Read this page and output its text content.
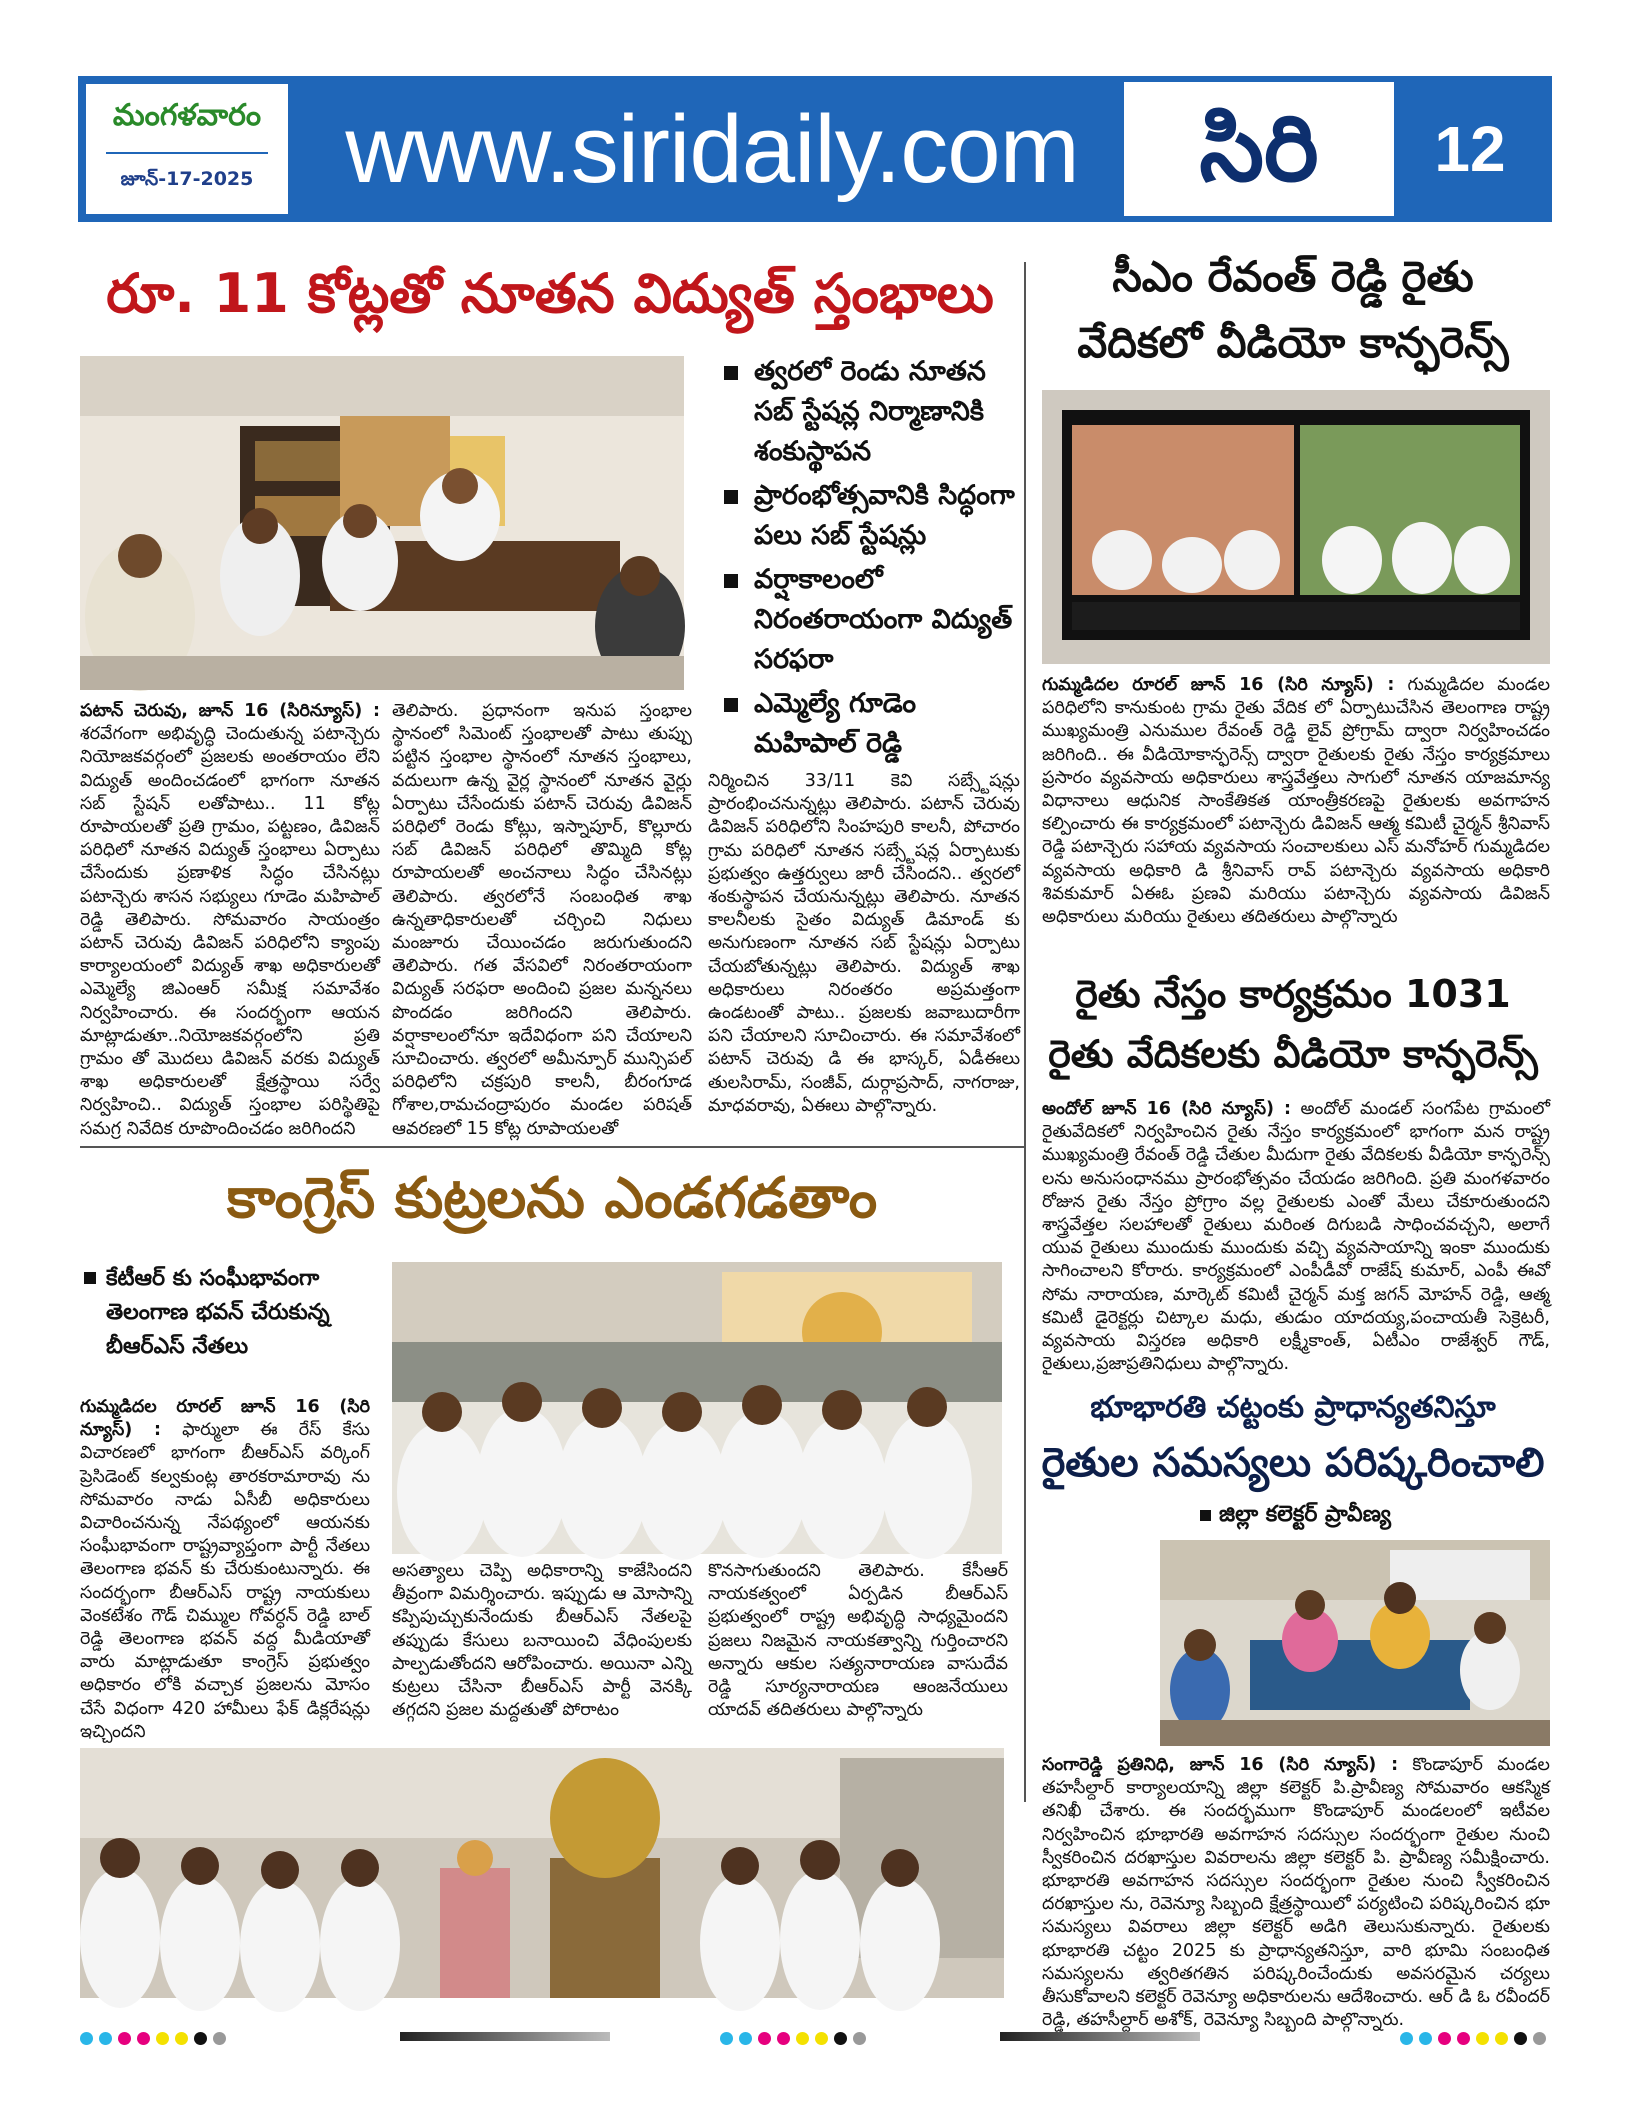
మంగళవారం
జూన్-17-2025 www.siridaily.com	సిరి	12
రూ. 11 కోట్లతో నూతన విద్యుత్ స్తంభాలు
త్వరలో రెండు నూతన సబ్ స్టేషన్ల నిర్మాణానికి శంకుస్థాపన
ప్రారంభోత్సవానికి సిద్ధంగా పలు సబ్ స్టేషన్లు
వర్షాకాలంలో నిరంతరాయంగా విద్యుత్ సరఫరా
ఎమ్మెల్యే గూడెం మహిపాల్ రెడ్డి
పటాన్ చెరువు, జూన్ 16 (సిరిన్యూస్) : శరవేగంగా అభివృద్ధి చెందుతున్న పటాన్చెరు నియోజకవర్గంలో ప్రజలకు అంతరాయం లేని విద్యుత్ అందించడంలో భాగంగా నూతన సబ్ స్టేషన్ లతోపాటు.. 11 కోట్ల రూపాయలతో ప్రతి గ్రామం, పట్టణం, డివిజన్ పరిధిలో నూతన విద్యుత్ స్తంభాలు ఏర్పాటు చేసేందుకు ప్రణాళిక సిద్ధం చేసినట్లు పటాన్చెరు శాసన సభ్యులు గూడెం మహిపాల్ రెడ్డి తెలిపారు. సోమవారం సాయంత్రం పటాన్ చెరువు డివిజన్ పరిధిలోని క్యాంపు కార్యాలయంలో విద్యుత్ శాఖ అధికారులతో ఎమ్మెల్యే జిఎంఆర్ సమీక్ష సమావేశం నిర్వహించారు. ఈ సందర్భంగా ఆయన మాట్లాడుతూ..నియోజకవర్గంలోని ప్రతి గ్రామం తో మొదలు డివిజన్ వరకు విద్యుత్ శాఖ అధికారులతో క్షేత్రస్థాయి సర్వే నిర్వహించి.. విద్యుత్ స్తంభాల పరిస్థితిపై సమగ్ర నివేదిక రూపొందించడం జరిగిందని
తెలిపారు. ప్రధానంగా ఇనుప స్తంభాల స్థానంలో సిమెంట్ స్తంభాలతో పాటు తుప్పు పట్టిన స్తంభాల స్థానంలో నూతన స్తంభాలు, వదులుగా ఉన్న వైర్ల స్థానంలో నూతన వైర్లు ఏర్పాటు చేసేందుకు పటాన్ చెరువు డివిజన్ పరిధిలో రెండు కోట్లు, ఇస్నాపూర్, కొల్లూరు సబ్ డివిజన్ పరిధిలో తొమ్మిది కోట్ల రూపాయలతో అంచనాలు సిద్ధం చేసినట్లు తెలిపారు. త్వరలోనే సంబంధిత శాఖ ఉన్నతాధికారులతో చర్చించి నిధులు మంజూరు చేయించడం జరుగుతుందని తెలిపారు. గత వేసవిలో నిరంతరాయంగా విద్యుత్ సరఫరా అందించి ప్రజల మన్ననలు పొందడం జరిగిందని తెలిపారు. వర్షాకాలంలోనూ ఇదేవిధంగా పని చేయాలని సూచించారు. త్వరలో అమీన్పూర్ మున్సిపల్ పరిధిలోని చక్రపురి కాలనీ, బీరంగూడ గోశాల,రామచంద్రాపురం మండల పరిషత్ ఆవరణలో 15 కోట్ల రూపాయలతో
నిర్మించిన 33/11 కెవి సబ్స్టేషన్లు ప్రారంభించనున్నట్లు తెలిపారు. పటాన్ చెరువు డివిజన్ పరిధిలోని సింహపురి కాలనీ, పోచారం గ్రామ పరిధిలో నూతన సబ్స్టేషన్ల ఏర్పాటుకు ప్రభుత్వం ఉత్తర్వులు జారీ చేసిందని.. త్వరలో శంకుస్థాపన చేయనున్నట్లు తెలిపారు. నూతన కాలనీలకు సైతం విద్యుత్ డిమాండ్ కు అనుగుణంగా నూతన సబ్ స్టేషన్లు ఏర్పాటు చేయబోతున్నట్లు తెలిపారు. విద్యుత్ శాఖ అధికారులు నిరంతరం అప్రమత్తంగా ఉండటంతో పాటు.. ప్రజలకు జవాబుదారీగా పని చేయాలని సూచించారు. ఈ సమావేశంలో పటాన్ చెరువు డి ఈ భాస్కర్, ఏడీఈలు తులసిరామ్, సంజీవ్, దుర్గాప్రసాద్, నాగరాజు, మాధవరావు, ఏఈలు పాల్గొన్నారు.
కాంగ్రెస్ కుట్రలను ఎండగడతాం
కేటీఆర్ కు సంఘీభావంగా తెలంగాణ భవన్ చేరుకున్న బీఆర్ఎస్ నేతలు
గుమ్మడిదల రూరల్ జూన్ 16 (సిరి న్యూస్) : ఫార్ములా ఈ రేస్ కేసు విచారణలో భాగంగా బీఆర్ఎస్ వర్కింగ్ ప్రెసిడెంట్ కల్వకుంట్ల తారకరామారావు ను సోమవారం నాడు ఏసీబీ అధికారులు విచారించనున్న నేపథ్యంలో ఆయనకు సంఘీభావంగా రాష్ట్రవ్యాప్తంగా పార్టీ నేతలు తెలంగాణ భవన్ కు చేరుకుంటున్నారు. ఈ సందర్భంగా బీఆర్ఎస్ రాష్ట్ర నాయకులు వెంకటేశం గౌడ్ చిమ్ముల గోవర్ధన్ రెడ్డి బాల్ రెడ్డి తెలంగాణ భవన్ వద్ద మీడియాతో వారు మాట్లాడుతూ కాంగ్రెస్ ప్రభుత్వం అధికారం లోకి వచ్చాక ప్రజలను మోసం చేసే విధంగా 420 హామీలు ఫేక్ డిక్లరేషన్లు ఇచ్చిందని
అసత్యాలు చెప్పి అధికారాన్ని కాజేసిందని తీవ్రంగా విమర్శించారు. ఇప్పుడు ఆ మోసాన్ని కప్పిపుచ్చుకునేందుకు బీఆర్ఎస్ నేతలపై తప్పుడు కేసులు బనాయించి వేధింపులకు పాల్పడుతోందని ఆరోపించారు. అయినా ఎన్ని కుట్రలు చేసినా బీఆర్ఎస్ పార్టీ వెనక్కి తగ్గదని ప్రజల మద్దతుతో పోరాటం
కొనసాగుతుందని తెలిపారు. కేసీఆర్ నాయకత్వంలో ఏర్పడిన బీఆర్ఎస్ ప్రభుత్వంలో రాష్ట్ర అభివృద్ధి సాధ్యమైందని ప్రజలు నిజమైన నాయకత్వాన్ని గుర్తించారని అన్నారు ఆకుల సత్యనారాయణ వాసుదేవ రెడ్డి సూర్యనారాయణ ఆంజనేయులు యాదవ్ తదితరులు పాల్గొన్నారు
సీఎం రేవంత్ రెడ్డి రైతు
వేదికలో వీడియో కాన్ఫరెన్స్
గుమ్మడిదల రూరల్ జూన్ 16 (సిరి న్యూస్) : గుమ్మడిదల మండల పరిధిలోని కానుకుంట గ్రామ రైతు వేదిక లో ఏర్పాటుచేసిన తెలంగాణ రాష్ట్ర ముఖ్యమంత్రి ఎనుముల రేవంత్ రెడ్డి లైవ్ ప్రోగ్రామ్ ద్వారా నిర్వహించడం జరిగింది.. ఈ వీడియోకాన్ఫరెన్స్ ద్వారా రైతులకు రైతు నేస్తం కార్యక్రమాలు ప్రసారం వ్యవసాయ అధికారులు శాస్త్రవేత్తలు సాగులో నూతన యాజమాన్య విధానాలు ఆధునిక సాంకేతికత యాంత్రీకరణపై రైతులకు అవగాహన కల్పించారు ఈ కార్యక్రమంలో పటాన్చెరు డివిజన్ ఆత్మ కమిటీ చైర్మన్ శ్రీనివాస్ రెడ్డి పటాన్చెరు సహాయ వ్యవసాయ సంచాలకులు ఎస్ మనోహర్ గుమ్మడిదల వ్యవసాయ అధికారి డి శ్రీనివాస్ రావ్ పటాన్చెరు వ్యవసాయ అధికారి శివకుమార్ ఏఈఓ ప్రణవి మరియు పటాన్చెరు వ్యవసాయ డివిజన్ అధికారులు మరియు రైతులు తదితరులు పాల్గొన్నారు
రైతు నేస్తం కార్యక్రమం 1031
రైతు వేదికలకు వీడియో కాన్ఫరెన్స్
అందోల్ జూన్ 16 (సిరి న్యూస్) : అందోల్ మండల్ సంగపేట గ్రామంలో రైతువేదికలో నిర్వహించిన రైతు నేస్తం కార్యక్రమంలో భాగంగా మన రాష్ట్ర ముఖ్యమంత్రి రేవంత్ రెడ్డి చేతుల మీదుగా రైతు వేదికలకు వీడియో కాన్ఫరెన్స్ లను అనుసంధానము ప్రారంభోత్సవం చేయడం జరిగింది. ప్రతి మంగళవారం రోజున రైతు నేస్తం ప్రోగ్రాం వల్ల రైతులకు ఎంతో మేలు చేకూరుతుందని శాస్త్రవేత్తల సలహాలతో రైతులు మరింత దిగుబడి సాధించవచ్చని, అలాగే యువ రైతులు ముందుకు ముందుకు వచ్చి వ్యవసాయాన్ని ఇంకా ముందుకు సాగించాలని కోరారు. కార్యక్రమంలో ఎంపీడీవో రాజేష్ కుమార్, ఎంపీ ఈవో సోమ నారాయణ, మార్కెట్ కమిటీ చైర్మన్ మక్త జగన్ మోహన్ రెడ్డి, ఆత్మ కమిటీ డైరెక్టర్లు చిట్కాల మధు, తుడుం యాదయ్య,పంచాయతీ సెక్రెటరీ, వ్యవసాయ విస్తరణ అధికారి లక్ష్మీకాంత్, ఏటీఎం రాజేశ్వర్ గౌడ్, రైతులు,ప్రజాప్రతినిధులు పాల్గొన్నారు.
భూభారతి చట్టంకు ప్రాధాన్యతనిస్తూ
రైతుల సమస్యలు పరిష్కరించాలి
జిల్లా కలెక్టర్ ప్రావీణ్య
సంగారెడ్డి ప్రతినిధి, జూన్ 16 (సిరి న్యూస్) : కొండాపూర్ మండల తహసీల్దార్ కార్యాలయాన్ని జిల్లా కలెక్టర్ పి.ప్రావీణ్య సోమవారం ఆకస్మిక తనిఖీ చేశారు. ఈ సందర్భముగా కొండాపూర్ మండలంలో ఇటీవల నిర్వహించిన భూభారతి అవగాహన సదస్సుల సందర్భంగా రైతుల నుంచి స్వీకరించిన దరఖాస్తుల వివరాలను జిల్లా కలెక్టర్ పి. ప్రావీణ్య సమీక్షించారు. భూభారతి అవగాహన సదస్సుల సందర్భంగా రైతుల నుంచి స్వీకరించిన దరఖాస్తుల ను, రెవెన్యూ సిబ్బంది క్షేత్రస్థాయిలో పర్యటించి పరిష్కరించిన భూ సమస్యలు వివరాలు జిల్లా కలెక్టర్ అడిగి తెలుసుకున్నారు. రైతులకు భూభారతి చట్టం 2025 కు ప్రాధాన్యతనిస్తూ, వారి భూమి సంబంధిత సమస్యలను త్వరితగతిన పరిష్కరించేందుకు అవసరమైన చర్యలు తీసుకోవాలని కలెక్టర్ రెవెన్యూ అధికారులను ఆదేశించారు. ఆర్ డి ఓ రవీందర్ రెడ్డి, తహసీల్దార్ అశోక్, రెవెన్యూ సిబ్బంది పాల్గొన్నారు.
